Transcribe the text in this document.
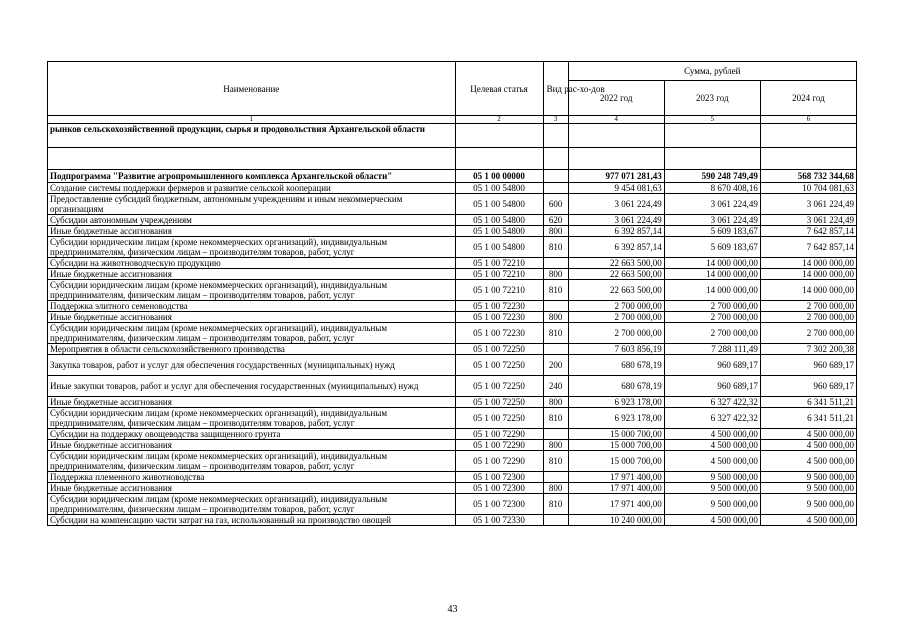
Наименование	Целевая статья	Вид рас-хо-дов	Сумма, рублей		
			2022 год	2023 год	2024 год
1	2	3	4	5	6
рынков сельскохозяйственной продукции, сырья и продовольствия Архангельской области					

Подпрограмма "Развитие агропромышленного комплекса Архангельской области"	05 1 00 00000		977 071 281,43	590 248 749,49	568 732 344,68
Создание системы поддержки фермеров и развитие сельской кооперации	05 1 00 54800		9 454 081,63	8 670 408,16	10 704 081,63
Предоставление субсидий бюджетным, автономным учреждениям и иным некоммерческим организациям	05 1 00 54800	600	3 061 224,49	3 061 224,49	3 061 224,49
Субсидии автономным учреждениям	05 1 00 54800	620	3 061 224,49	3 061 224,49	3 061 224,49
Иные бюджетные ассигнования	05 1 00 54800	800	6 392 857,14	5 609 183,67	7 642 857,14
Субсидии юридическим лицам (кроме некоммерческих организаций), индивидуальным предпринимателям, физическим лицам – производителям товаров, работ, услуг	05 1 00 54800	810	6 392 857,14	5 609 183,67	7 642 857,14
Субсидии на животноводческую продукцию	05 1 00 72210		22 663 500,00	14 000 000,00	14 000 000,00
Иные бюджетные ассигнования	05 1 00 72210	800	22 663 500,00	14 000 000,00	14 000 000,00
Субсидии юридическим лицам (кроме некоммерческих организаций), индивидуальным предпринимателям, физическим лицам – производителям товаров, работ, услуг	05 1 00 72210	810	22 663 500,00	14 000 000,00	14 000 000,00
Поддержка элитного семеноводства	05 1 00 72230		2 700 000,00	2 700 000,00	2 700 000,00
Иные бюджетные ассигнования	05 1 00 72230	800	2 700 000,00	2 700 000,00	2 700 000,00
Субсидии юридическим лицам (кроме некоммерческих организаций), индивидуальным предпринимателям, физическим лицам – производителям товаров, работ, услуг	05 1 00 72230	810	2 700 000,00	2 700 000,00	2 700 000,00
Мероприятия в области сельскохозяйственного производства	05 1 00 72250		7 603 856,19	7 288 111,49	7 302 200,38
Закупка товаров, работ и услуг для обеспечения государственных (муниципальных) нужд	05 1 00 72250	200	680 678,19	960 689,17	960 689,17
Иные закупки товаров, работ и услуг для обеспечения государственных (муниципальных) нужд	05 1 00 72250	240	680 678,19	960 689,17	960 689,17
Иные бюджетные ассигнования	05 1 00 72250	800	6 923 178,00	6 327 422,32	6 341 511,21
Субсидии юридическим лицам (кроме некоммерческих организаций), индивидуальным предпринимателям, физическим лицам – производителям товаров, работ, услуг	05 1 00 72250	810	6 923 178,00	6 327 422,32	6 341 511,21
Субсидии на поддержку овощеводства защищенного грунта	05 1 00 72290		15 000 700,00	4 500 000,00	4 500 000,00
Иные бюджетные ассигнования	05 1 00 72290	800	15 000 700,00	4 500 000,00	4 500 000,00
Субсидии юридическим лицам (кроме некоммерческих организаций), индивидуальным предпринимателям, физическим лицам – производителям товаров, работ, услуг	05 1 00 72290	810	15 000 700,00	4 500 000,00	4 500 000,00
Поддержка племенного животноводства	05 1 00 72300		17 971 400,00	9 500 000,00	9 500 000,00
Иные бюджетные ассигнования	05 1 00 72300	800	17 971 400,00	9 500 000,00	9 500 000,00
Субсидии юридическим лицам (кроме некоммерческих организаций), индивидуальным предпринимателям, физическим лицам – производителям товаров, работ, услуг	05 1 00 72300	810	17 971 400,00	9 500 000,00	9 500 000,00
Субсидии на компенсацию части затрат на газ, использованный на производство овощей	05 1 00 72330		10 240 000,00	4 500 000,00	4 500 000,00
43
